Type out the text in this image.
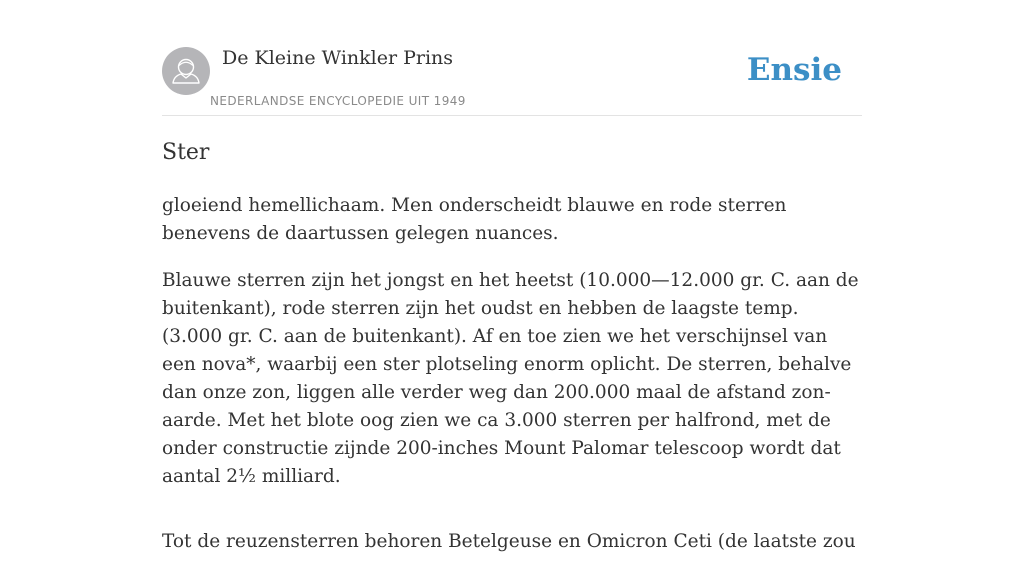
De Kleine Winkler Prins
NEDERLANDSE ENCYCLOPEDIE UIT 1949
Ensie
Ster

gloeiend hemellichaam. Men onderscheidt blauwe en rode sterren benevens de daartussen gelegen nuances.

Blauwe sterren zijn het jongst en het heetst (10.000—12.000 gr. C. aan de buitenkant), rode sterren zijn het oudst en hebben de laagste temp. (3.000 gr. C. aan de buitenkant). Af en toe zien we het verschijnsel van een nova*, waarbij een ster plotseling enorm oplicht. De sterren, behalve dan onze zon, liggen alle verder weg dan 200.000 maal de afstand zon-aarde. Met het blote oog zien we ca 3.000 sterren per halfrond, met de onder constructie zijnde 200-inches Mount Palomar telescoop wordt dat aantal 2½ milliard.

Tot de reuzensterren behoren Betelgeuse en Omicron Ceti (de laatste zou
